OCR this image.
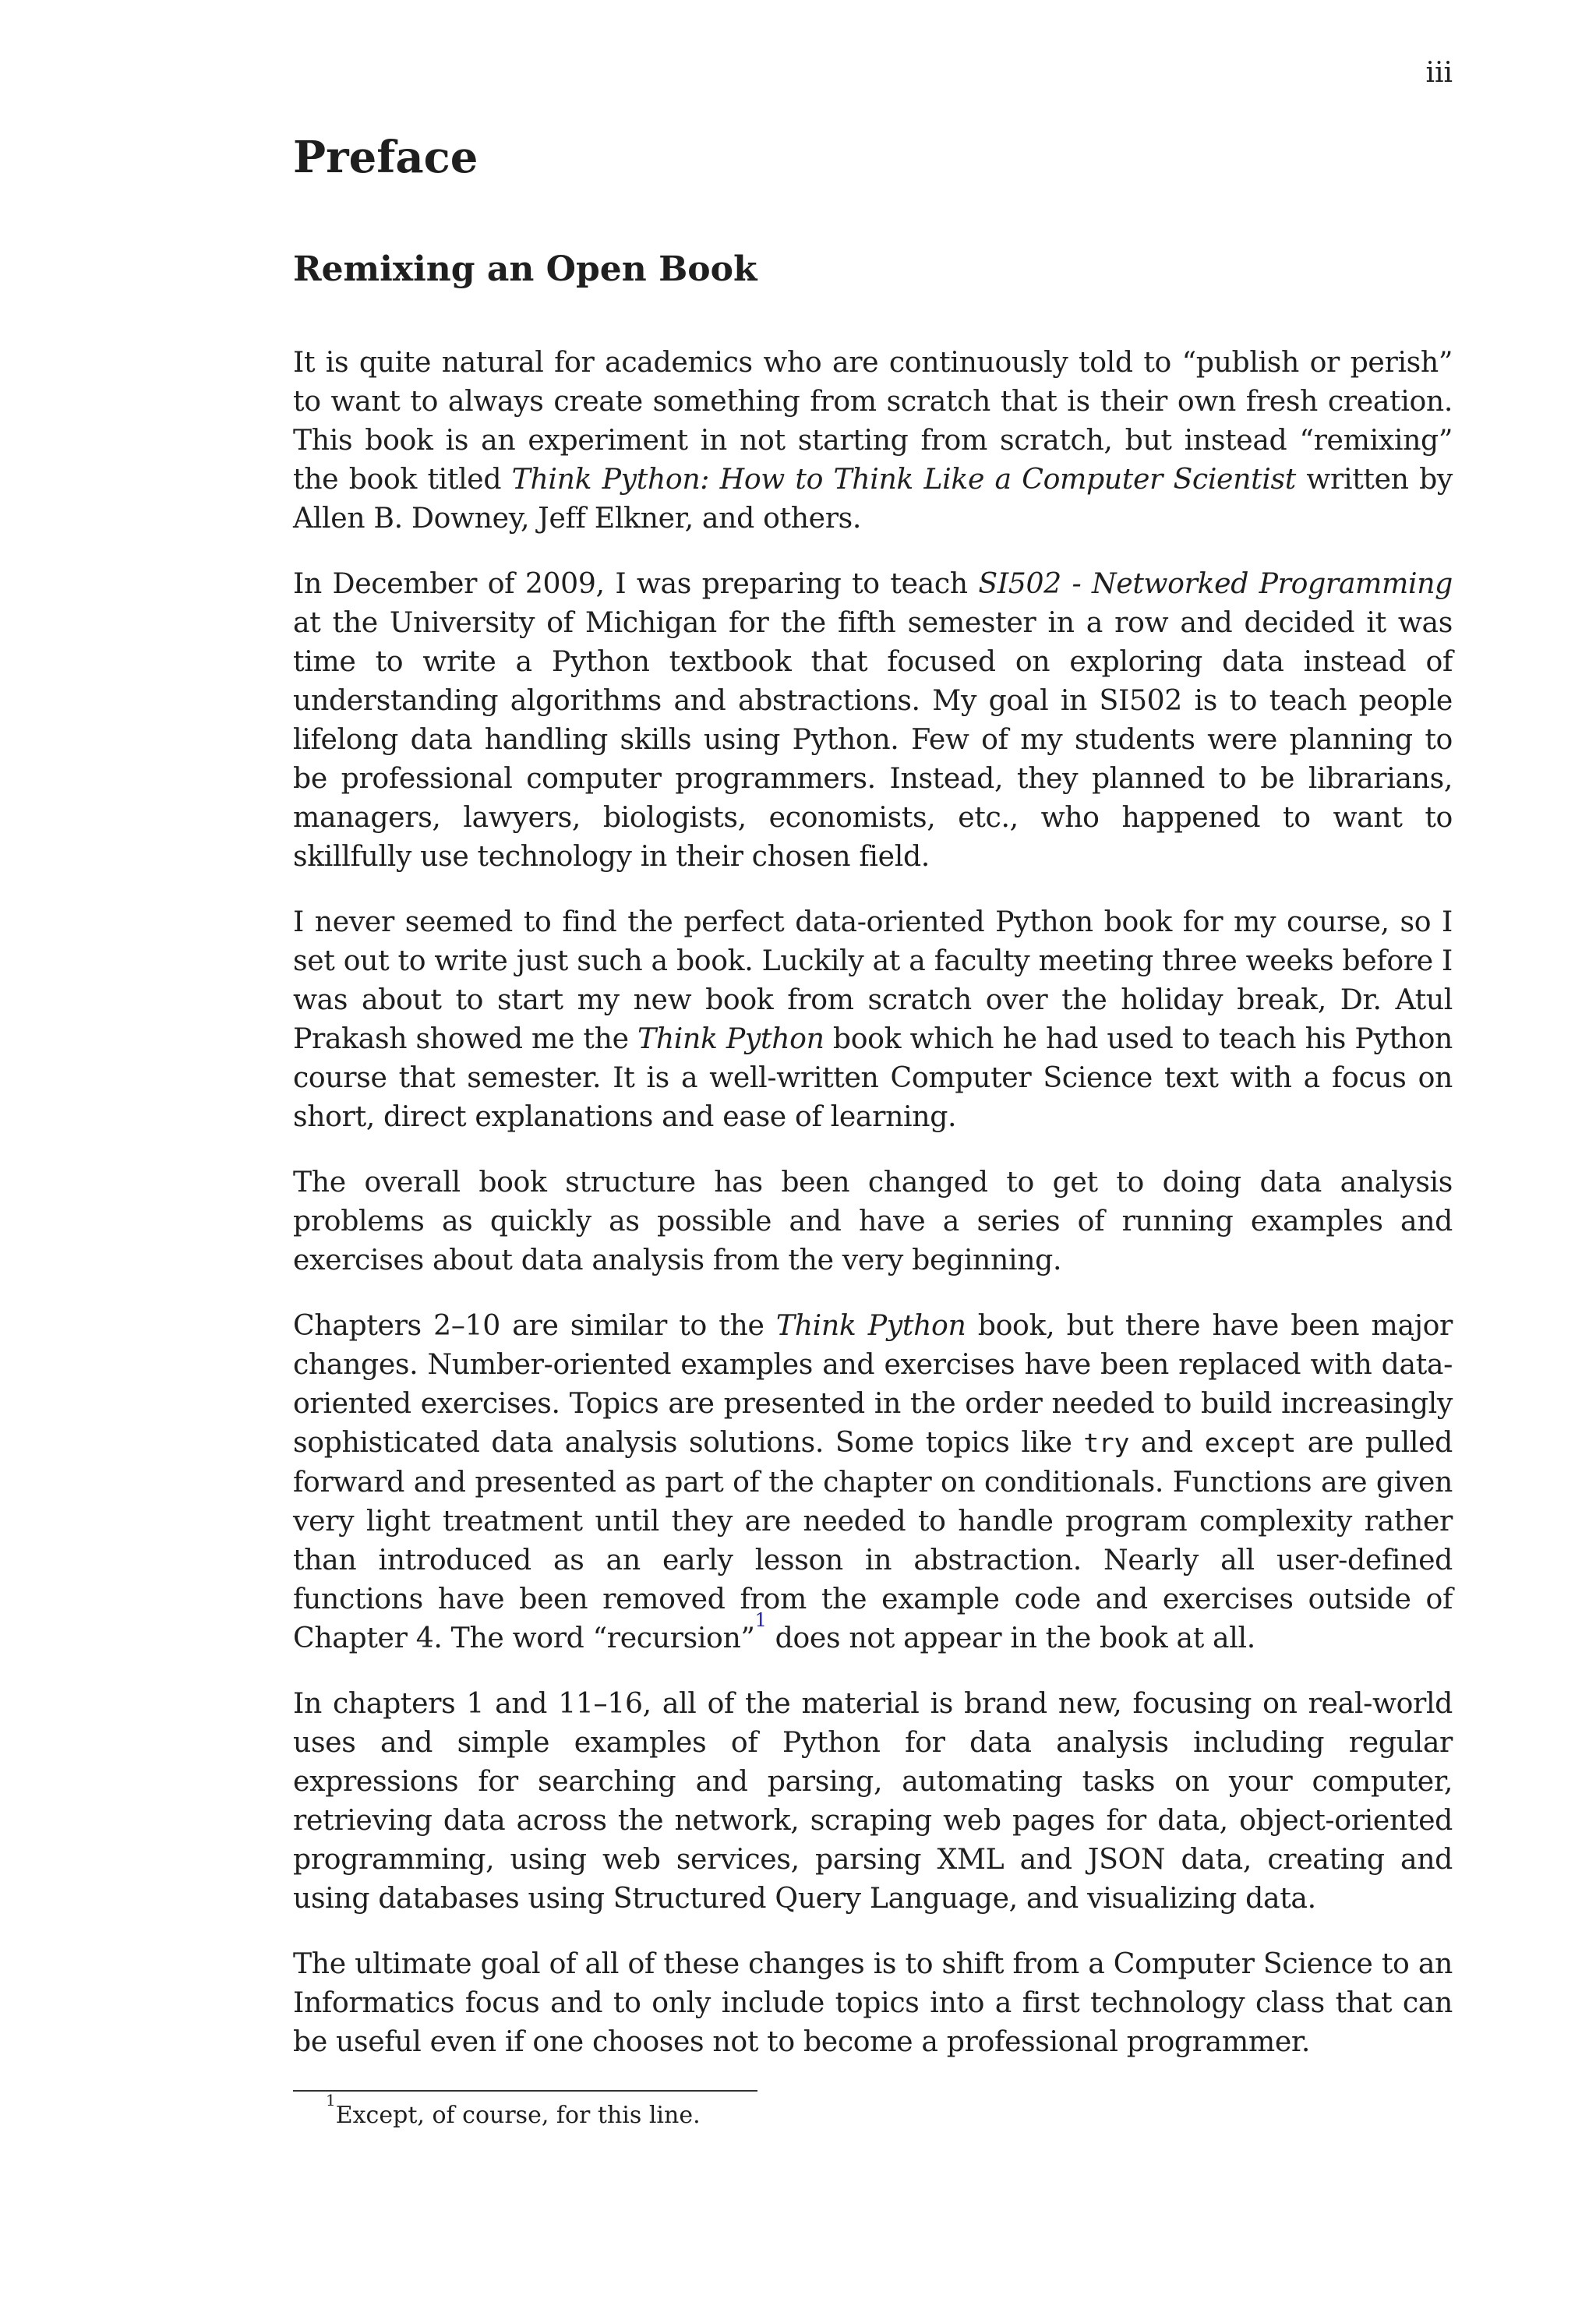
iii
Preface
Remixing an Open Book

It is quite natural for academics who are continuously told to “publish or perish” to want to always create something from scratch that is their own fresh creation. This book is an experiment in not starting from scratch, but instead “remixing” the book titled Think Python: How to Think Like a Computer Scientist written by Allen B. Downey, Jeff Elkner, and others.

In December of 2009, I was preparing to teach SI502 - Networked Programming at the University of Michigan for the fifth semester in a row and decided it was time to write a Python textbook that focused on exploring data instead of understanding algorithms and abstractions. My goal in SI502 is to teach people lifelong data handling skills using Python. Few of my students were planning to be professional computer programmers. Instead, they planned to be librarians, managers, lawyers, biologists, economists, etc., who happened to want to skillfully use technology in their chosen field.

I never seemed to find the perfect data-oriented Python book for my course, so I set out to write just such a book. Luckily at a faculty meeting three weeks before I was about to start my new book from scratch over the holiday break, Dr. Atul Prakash showed me the Think Python book which he had used to teach his Python course that semester. It is a well-written Computer Science text with a focus on short, direct explanations and ease of learning.

The overall book structure has been changed to get to doing data analysis problems as quickly as possible and have a series of running examples and exercises about data analysis from the very beginning.

Chapters 2–10 are similar to the Think Python book, but there have been major changes. Number-oriented examples and exercises have been replaced with data-oriented exercises. Topics are presented in the order needed to build increasingly sophisticated data analysis solutions. Some topics like try and except are pulled forward and presented as part of the chapter on conditionals. Functions are given very light treatment until they are needed to handle program complexity rather than introduced as an early lesson in abstraction. Nearly all user-defined functions have been removed from the example code and exercises outside of Chapter 4. The word “recursion”$^1$ does not appear in the book at all.

In chapters 1 and 11–16, all of the material is brand new, focusing on real-world uses and simple examples of Python for data analysis including regular expressions for searching and parsing, automating tasks on your computer, retrieving data across the network, scraping web pages for data, object-oriented programming, using web services, parsing XML and JSON data, creating and using databases using Structured Query Language, and visualizing data.

The ultimate goal of all of these changes is to shift from a Computer Science to an Informatics focus and to only include topics into a first technology class that can be useful even if one chooses not to become a professional programmer.

$^1$Except, of course, for this line.
